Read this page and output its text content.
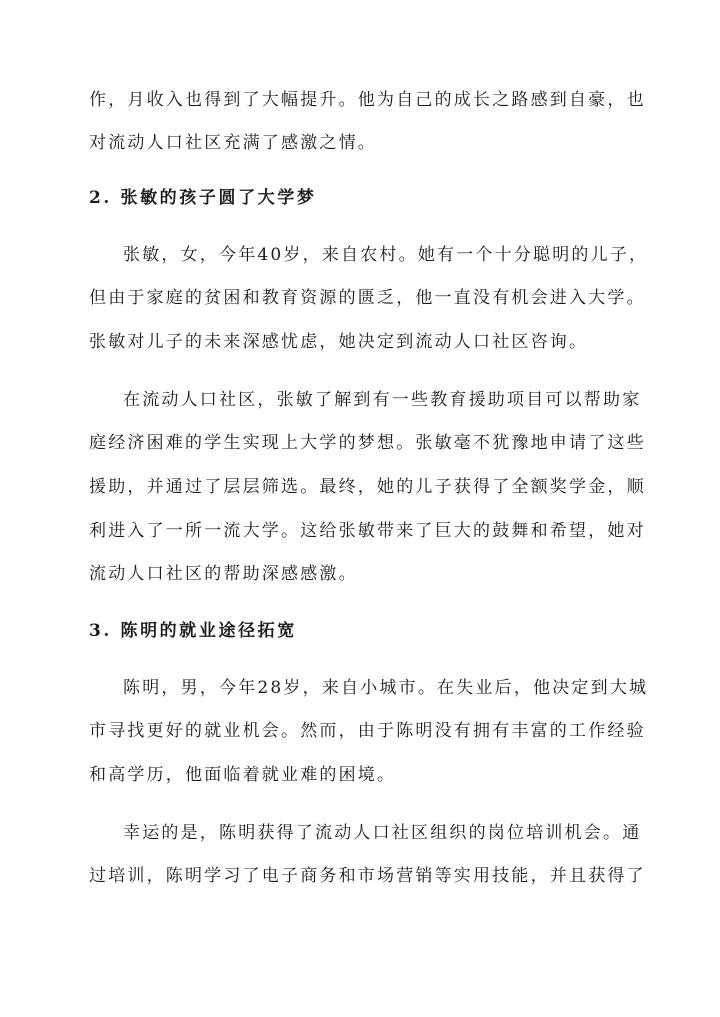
作，月收入也得到了大幅提升。他为自己的成长之路感到自豪，也
对流动人口社区充满了感激之情。
2. 张敏的孩子圆了大学梦
张敏，女，今年40岁，来自农村。她有一个十分聪明的儿子，
但由于家庭的贫困和教育资源的匮乏，他一直没有机会进入大学。
张敏对儿子的未来深感忧虑，她决定到流动人口社区咨询。
在流动人口社区，张敏了解到有一些教育援助项目可以帮助家
庭经济困难的学生实现上大学的梦想。张敏毫不犹豫地申请了这些
援助，并通过了层层筛选。最终，她的儿子获得了全额奖学金，顺
利进入了一所一流大学。这给张敏带来了巨大的鼓舞和希望，她对
流动人口社区的帮助深感感激。
3. 陈明的就业途径拓宽
陈明，男，今年28岁，来自小城市。在失业后，他决定到大城
市寻找更好的就业机会。然而，由于陈明没有拥有丰富的工作经验
和高学历，他面临着就业难的困境。
幸运的是，陈明获得了流动人口社区组织的岗位培训机会。通
过培训，陈明学习了电子商务和市场营销等实用技能，并且获得了
